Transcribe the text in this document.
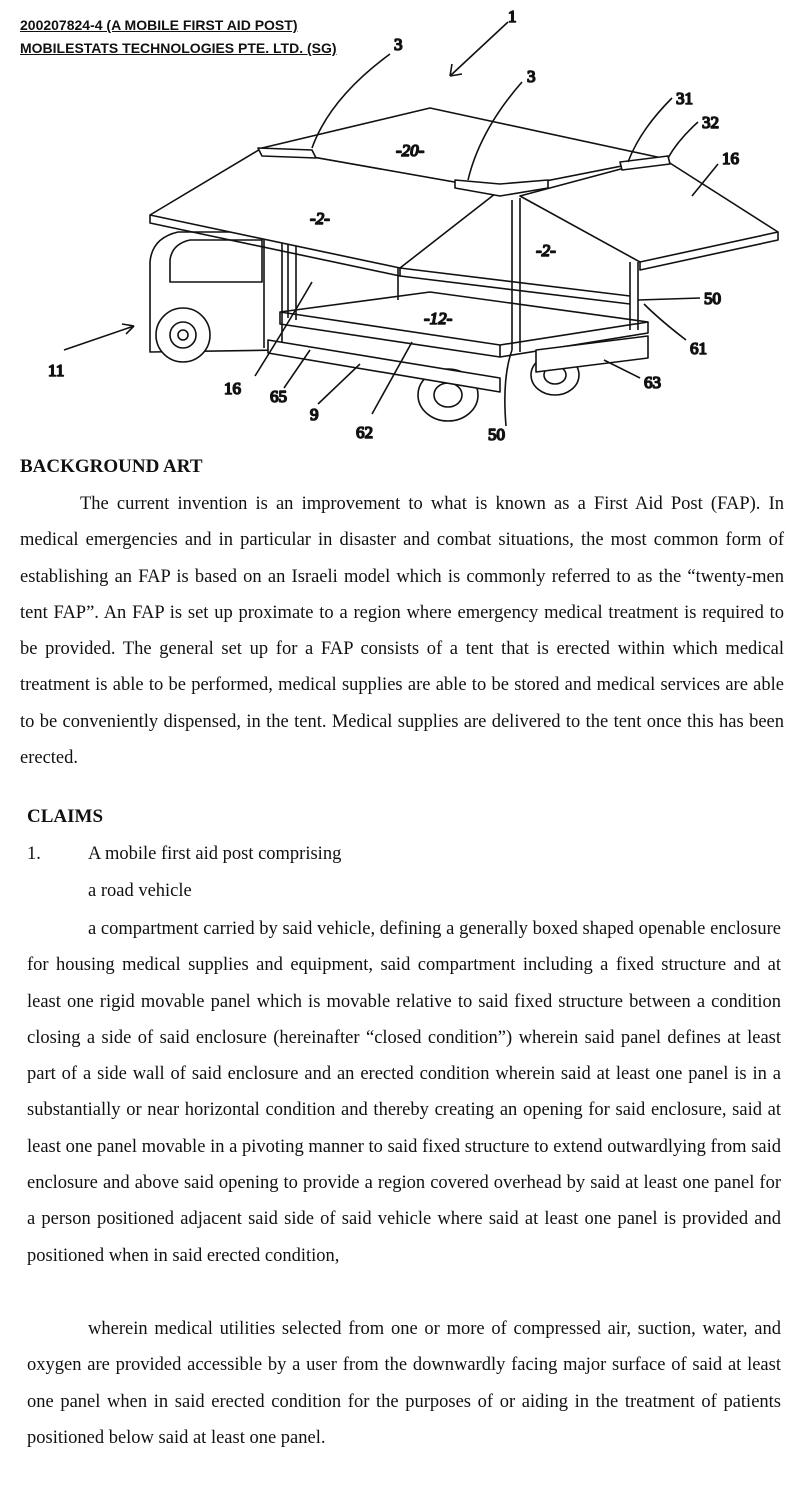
200207824-4 (A MOBILE FIRST AID POST)
MOBILESTATS TECHNOLOGIES PTE. LTD. (SG)
1
3
3
31
32
16
11
16 65
9
62	50
50
61
63
-20-
-2-
-2-
-12-
BACKGROUND ART

The current invention is an improvement to what is known as a First Aid Post (FAP). In medical emergencies and in particular in disaster and combat situations, the most common form of establishing an FAP is based on an Israeli model which is commonly referred to as the “twenty-men tent FAP”. An FAP is set up proximate to a region where emergency medical treatment is required to be provided. The general set up for a FAP consists of a tent that is erected within which medical treatment is able to be performed, medical supplies are able to be stored and medical services are able to be conveniently dispensed, in the tent. Medical supplies are delivered to the tent once this has been erected.

CLAIMS
1.	A mobile first aid post comprising

a road vehicle

a compartment carried by said vehicle, defining a generally boxed shaped openable enclosure for housing medical supplies and equipment, said compartment including a fixed structure and at least one rigid movable panel which is movable relative to said fixed structure between a condition closing a side of said enclosure (hereinafter “closed condition”) wherein said panel defines at least part of a side wall of said enclosure and an erected condition wherein said at least one panel is in a substantially or near horizontal condition and thereby creating an opening for said enclosure, said at least one panel movable in a pivoting manner to said fixed structure to extend outwardlying from said enclosure and above said opening to provide a region covered overhead by said at least one panel for a person positioned adjacent said side of said vehicle where said at least one panel is provided and positioned when in said erected condition,

wherein medical utilities selected from one or more of compressed air, suction, water, and oxygen are provided accessible by a user from the downwardly facing major surface of said at least one panel when in said erected condition for the purposes of or aiding in the treatment of patients positioned below said at least one panel.
